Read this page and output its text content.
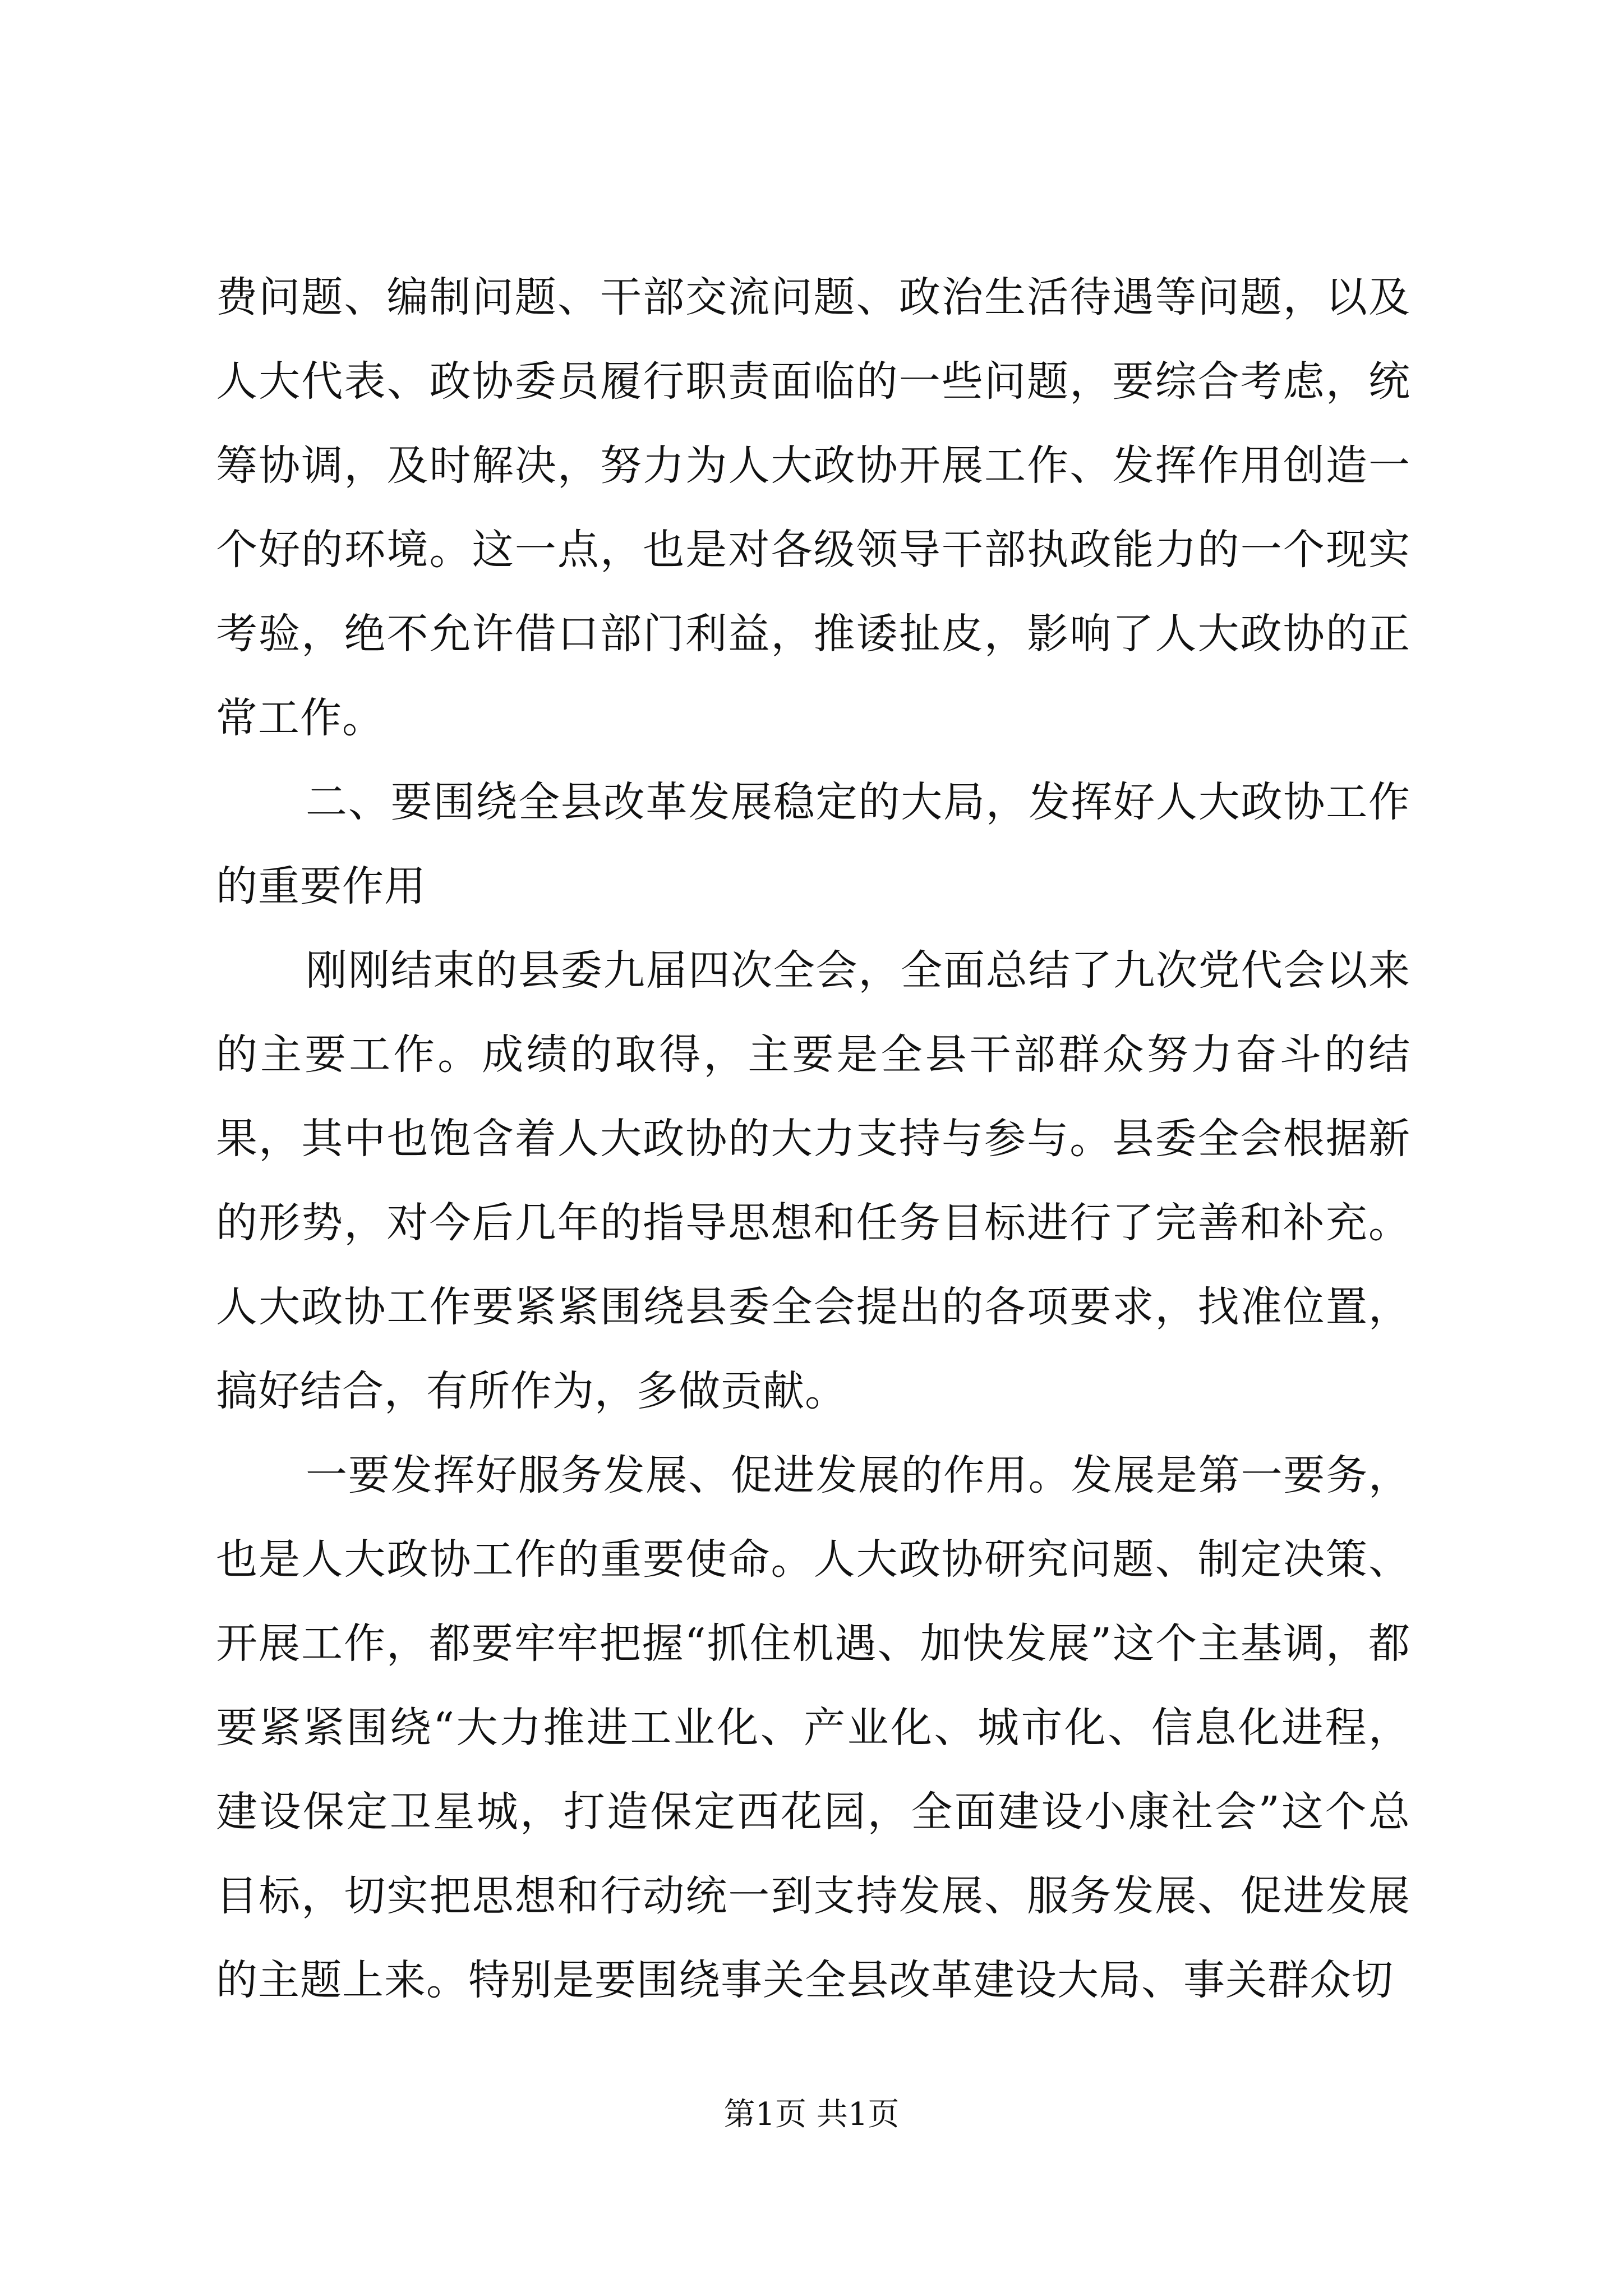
费问题、编制问题、干部交流问题、政治生活待遇等问题，以及人大代表、政协委员履行职责面临的一些问题，要综合考虑，统筹协调，及时解决，努力为人大政协开展工作、发挥作用创造一个好的环境。这一点，也是对各级领导干部执政能力的一个现实考验，绝不允许借口部门利益，推诿扯皮，影响了人大政协的正常工作。

二、要围绕全县改革发展稳定的大局，发挥好人大政协工作的重要作用

刚刚结束的县委九届四次全会，全面总结了九次党代会以来的主要工作。成绩的取得，主要是全县干部群众努力奋斗的结果，其中也饱含着人大政协的大力支持与参与。县委全会根据新的形势，对今后几年的指导思想和任务目标进行了完善和补充。人大政协工作要紧紧围绕县委全会提出的各项要求，找准位置，搞好结合，有所作为，多做贡献。

一要发挥好服务发展、促进发展的作用。发展是第一要务，也是人大政协工作的重要使命。人大政协研究问题、制定决策、开展工作，都要牢牢把握“抓住机遇、加快发展”这个主基调，都要紧紧围绕“大力推进工业化、产业化、城市化、信息化进程，建设保定卫星城，打造保定西花园，全面建设小康社会”这个总目标，切实把思想和行动统一到支持发展、服务发展、促进发展的主题上来。特别是要围绕事关全县改革建设大局、事关群众切

第1页 共1页
